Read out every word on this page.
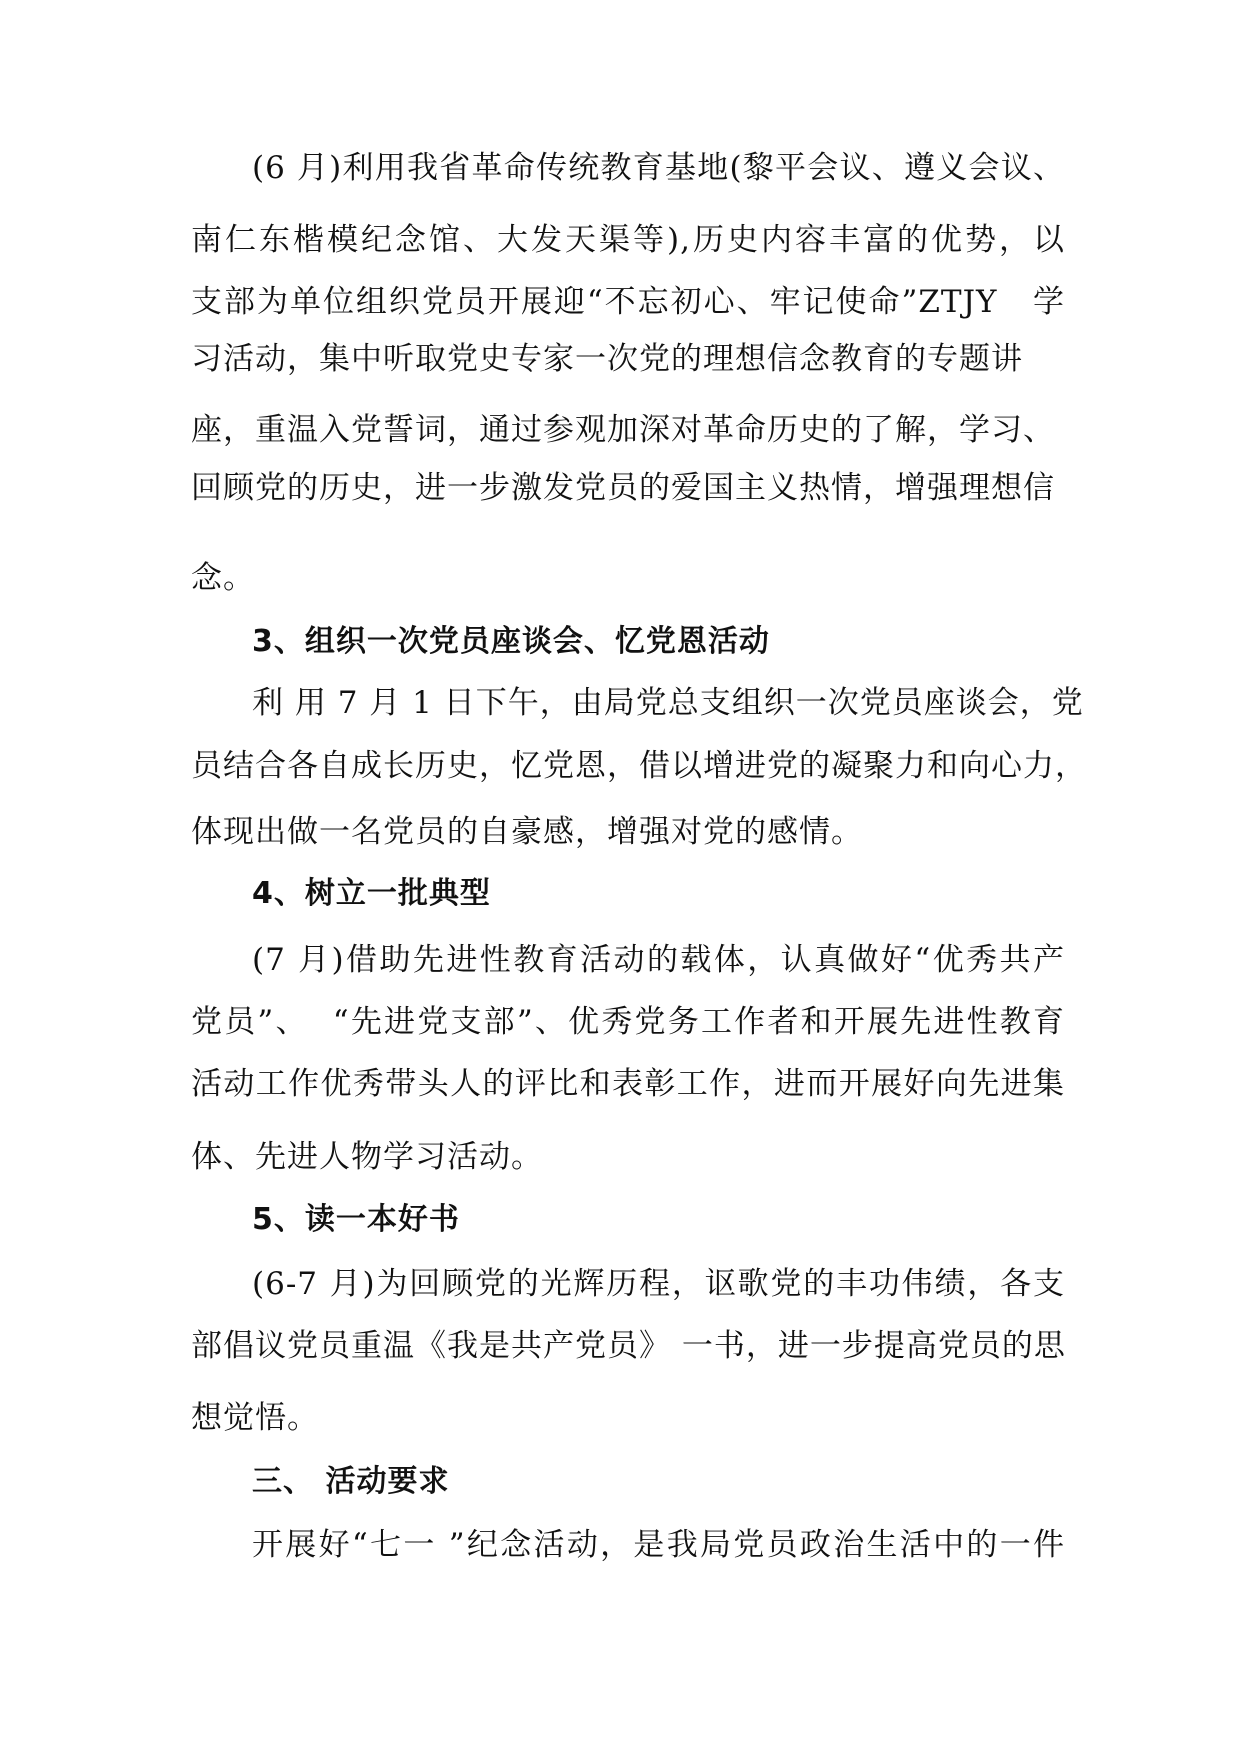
(6 月)利用我省革命传统教育基地(黎平会议、遵义会议、
南仁东楷模纪念馆、大发天渠等),历史内容丰富的优势，以
支部为单位组织党员开展迎“不忘初心、牢记使命”ZTJY   学
习活动，集中听取党史专家一次党的理想信念教育的专题讲
座，重温入党誓词，通过参观加深对革命历史的了解，学习、
回顾党的历史，进一步激发党员的爱国主义热情，增强理想信
念。
3、组织一次党员座谈会、忆党恩活动
利 用 7 月 1 日下午，由局党总支组织一次党员座谈会，党
员结合各自成长历史，忆党恩，借以增进党的凝聚力和向心力，
体现出做一名党员的自豪感，增强对党的感情。
4、树立一批典型
(7 月)借助先进性教育活动的载体，认真做好“优秀共产
党员”、  “先进党支部”、优秀党务工作者和开展先进性教育
活动工作优秀带头人的评比和表彰工作，进而开展好向先进集
体、先进人物学习活动。
5、读一本好书
(6-7 月)为回顾党的光辉历程，讴歌党的丰功伟绩，各支
部倡议党员重温《我是共产党员》 一书，进一步提高党员的思
想觉悟。
三、 活动要求
开展好“七一 ”纪念活动，是我局党员政治生活中的一件
